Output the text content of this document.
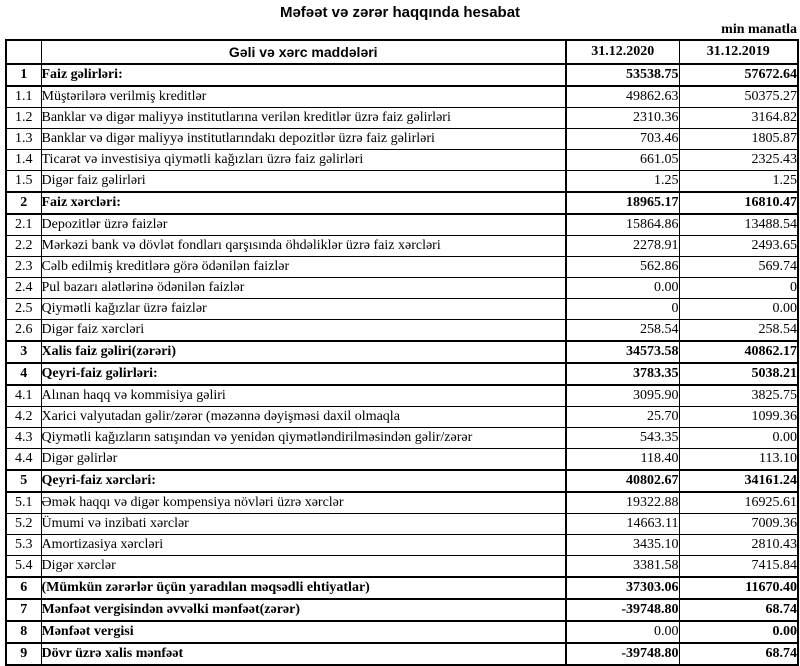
Məfəət və zərər haqqında hesabat
min manatla
	Gəli və xərc maddələri	31.12.2020	31.12.2019
1	Faiz gəlirləri:	53538.75	57672.64
1.1	Müştərilərə verilmiş kreditlər	49862.63	50375.27
1.2	Banklar və digər maliyyə institutlarına verilən kreditlər üzrə faiz gəlirləri	2310.36	3164.82
1.3	Banklar və digər maliyyə institutlarındakı depozitlər üzrə faiz gəlirləri	703.46	1805.87
1.4	Ticarət və investisiya qiymətli kağızları üzrə faiz gəlirləri	661.05	2325.43
1.5	Digər faiz gəlirləri	1.25	1.25
2	Faiz xərcləri:	18965.17	16810.47
2.1	Depozitlər üzrə faizlər	15864.86	13488.54
2.2	Mərkəzi bank və dövlət fondları qarşısında öhdəliklər üzrə faiz xərcləri	2278.91	2493.65
2.3	Cəlb edilmiş kreditlərə görə ödənilən faizlər	562.86	569.74
2.4	Pul bazarı alətlərinə ödənilən faizlər	0.00	0
2.5	Qiymətli kağızlar üzrə faizlər	0	0.00
2.6	Digər faiz xərcləri	258.54	258.54
3	Xalis faiz gəliri(zərəri)	34573.58	40862.17
4	Qeyri-faiz gəlirləri:	3783.35	5038.21
4.1	Alınan haqq və kommisiya gəliri	3095.90	3825.75
4.2	Xarici valyutadan gəlir/zərər (məzənnə dəyişməsi daxil olmaqla	25.70	1099.36
4.3	Qiymətli kağızların satışından və yenidən qiymətləndirilməsindən gəlir/zərər	543.35	0.00
4.4	Digər gəlirlər	118.40	113.10
5	Qeyri-faiz xərcləri:	40802.67	34161.24
5.1	Əmək haqqı və digər kompensiya növləri üzrə xərclər	19322.88	16925.61
5.2	Ümumi və inzibati xərclər	14663.11	7009.36
5.3	Amortizasiya xərcləri	3435.10	2810.43
5.4	Digər xərclər	3381.58	7415.84
6	(Mümkün zərərlər üçün yaradılan məqsədli ehtiyatlar)	37303.06	11670.40
7	Mənfəət vergisindən əvvəlki mənfəət(zərər)	-39748.80	68.74
8	Mənfəət vergisi	0.00	0.00
9	Dövr üzrə xalis mənfəət	-39748.80	68.74
